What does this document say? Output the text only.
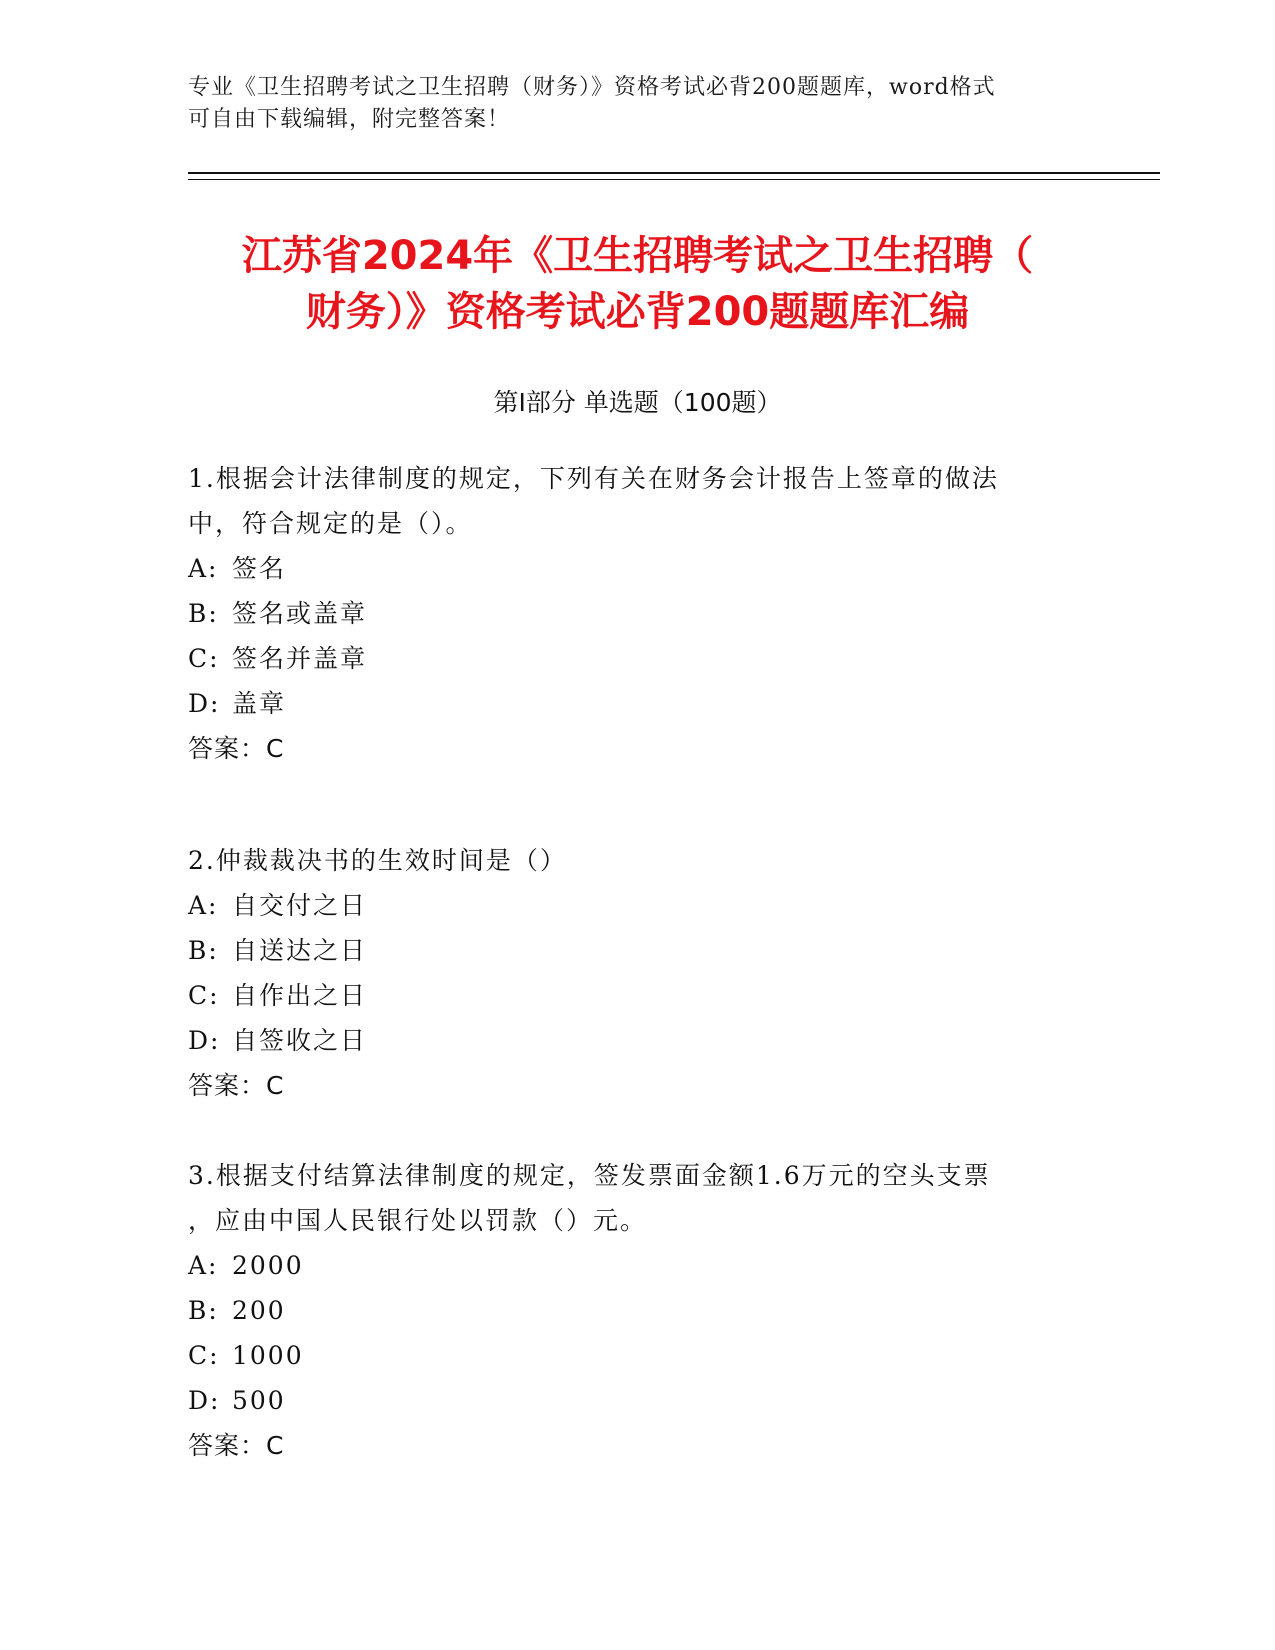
专业《卫生招聘考试之卫生招聘（财务）》资格考试必背200题题库，word格式
可自由下载编辑，附完整答案！
江苏省2024年《卫生招聘考试之卫生招聘（
财务）》资格考试必背200题题库汇编
第Ⅰ部分 单选题（100题）
1.根据会计法律制度的规定，下列有关在财务会计报告上签章的做法
中，符合规定的是（）。
A: 签名
B: 签名或盖章
C: 签名并盖章
D: 盖章
答案：C
2.仲裁裁决书的生效时间是（）
A: 自交付之日
B: 自送达之日
C: 自作出之日
D: 自签收之日
答案：C
3.根据支付结算法律制度的规定，签发票面金额1.6万元的空头支票
，应由中国人民银行处以罚款（）元。
A: 2000
B: 200
C: 1000
D: 500
答案：C
